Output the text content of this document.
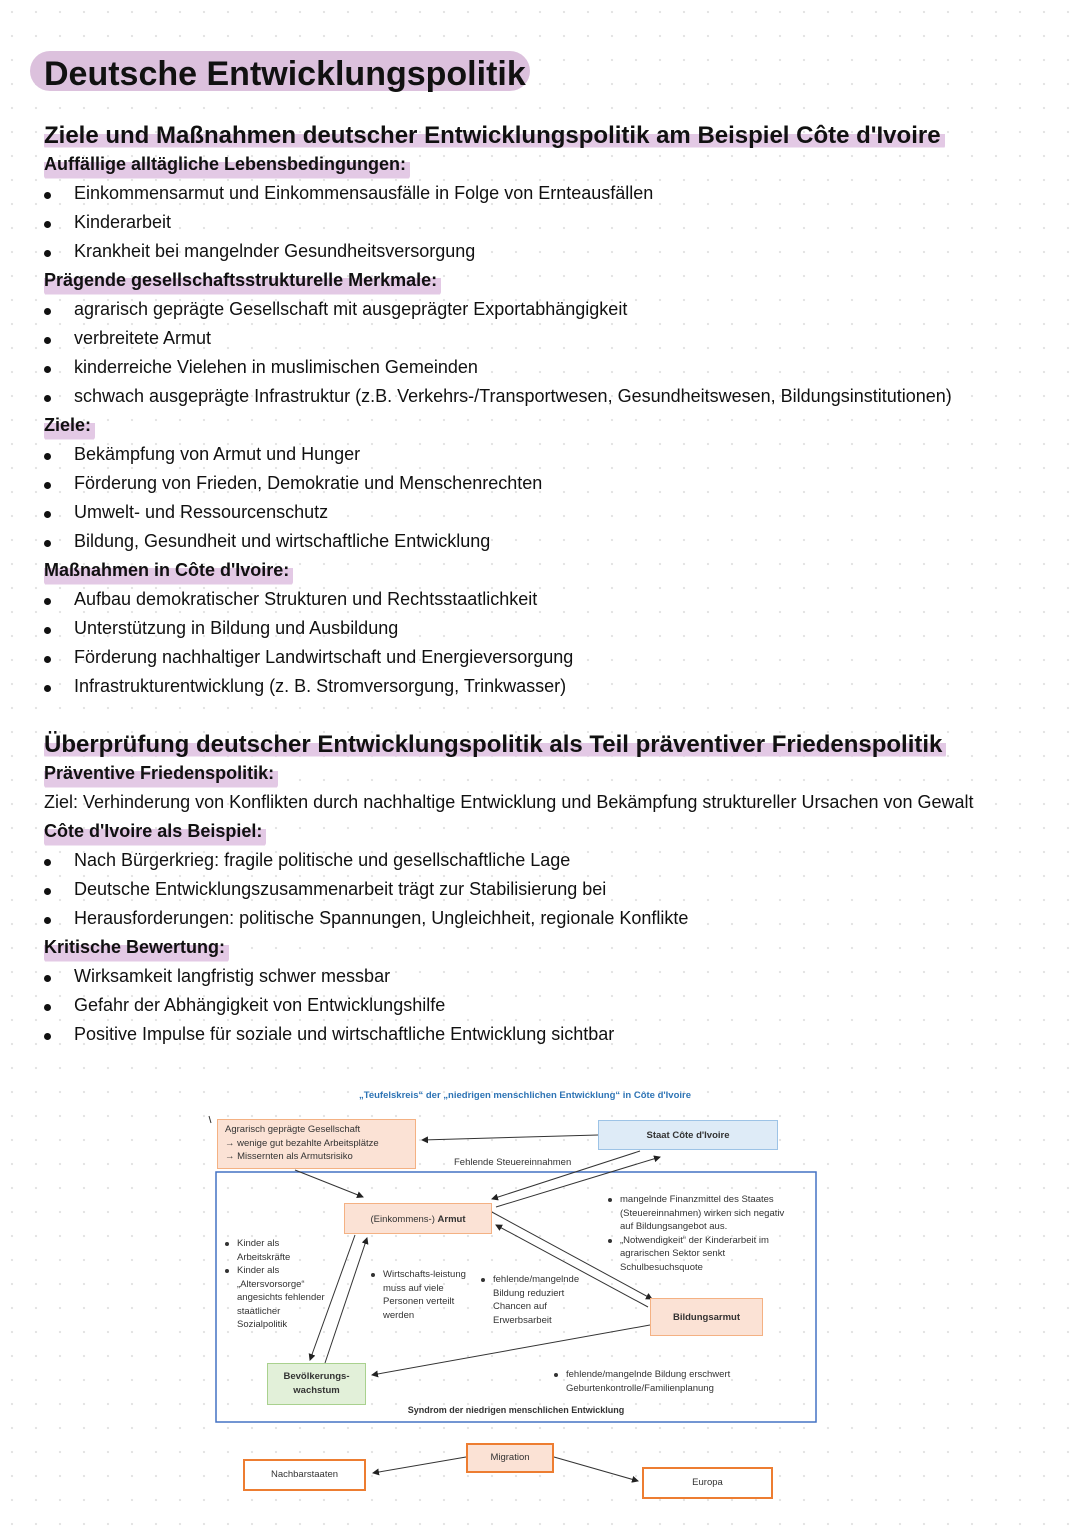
Deutsche Entwicklungspolitik
Ziele und Maßnahmen deutscher Entwicklungspolitik am Beispiel Côte d'Ivoire
Auffällige alltägliche Lebensbedingungen:
Einkommensarmut und Einkommensausfälle in Folge von Ernteausfällen
Kinderarbeit
Krankheit bei mangelnder Gesundheitsversorgung
Prägende gesellschaftsstrukturelle Merkmale:
agrarisch geprägte Gesellschaft mit ausgeprägter Exportabhängigkeit
verbreitete Armut
kinderreiche Vielehen in muslimischen Gemeinden
schwach ausgeprägte Infrastruktur (z.B. Verkehrs-/Transportwesen, Gesundheitswesen, Bildungsinstitutionen)
Ziele:
Bekämpfung von Armut und Hunger
Förderung von Frieden, Demokratie und Menschenrechten
Umwelt- und Ressourcenschutz
Bildung, Gesundheit und wirtschaftliche Entwicklung
Maßnahmen in Côte d'Ivoire:
Aufbau demokratischer Strukturen und Rechtsstaatlichkeit
Unterstützung in Bildung und Ausbildung
Förderung nachhaltiger Landwirtschaft und Energieversorgung
Infrastrukturentwicklung (z. B. Stromversorgung, Trinkwasser)
Überprüfung deutscher Entwicklungspolitik als Teil präventiver Friedenspolitik
Präventive Friedenspolitik:

Ziel: Verhinderung von Konflikten durch nachhaltige Entwicklung und Bekämpfung struktureller Ursachen von Gewalt

Côte d'Ivoire als Beispiel:
Nach Bürgerkrieg: fragile politische und gesellschaftliche Lage
Deutsche Entwicklungszusammenarbeit trägt zur Stabilisierung bei
Herausforderungen: politische Spannungen, Ungleichheit, regionale Konflikte
Kritische Bewertung:
Wirksamkeit langfristig schwer messbar
Gefahr der Abhängigkeit von Entwicklungshilfe
Positive Impulse für soziale und wirtschaftliche Entwicklung sichtbar
„Teufelskreis“ der „niedrigen menschlichen Entwicklung“ in Côte d'Ivoire
Agrarisch geprägte Gesellschaft
→ wenige gut bezahlte Arbeitsplätze
→ Missernten als Armutsrisiko
Staat Côte d'Ivoire
Fehlende Steuereinnahmen
(Einkommens-) Armut
mangelnde Finanzmittel des Staates (Steuereinnahmen) wirken sich negativ auf Bildungsangebot aus.
„Notwendigkeit“ der Kinderarbeit im agrarischen Sektor senkt Schulbesuchsquote
Kinder als Arbeitskräfte
Kinder als „Altersvorsorge“ angesichts fehlender staatlicher Sozialpolitik
Wirtschafts-leistung muss auf viele Personen verteilt werden
fehlende/mangelnde Bildung reduziert Chancen auf Erwerbsarbeit	Bildungsarmut
Bevölkerungs-wachstum
fehlende/mangelnde Bildung erschwert Geburtenkontrolle/Familienplanung
Syndrom der niedrigen menschlichen Entwicklung
Migration
Nachbarstaaten
Europa
